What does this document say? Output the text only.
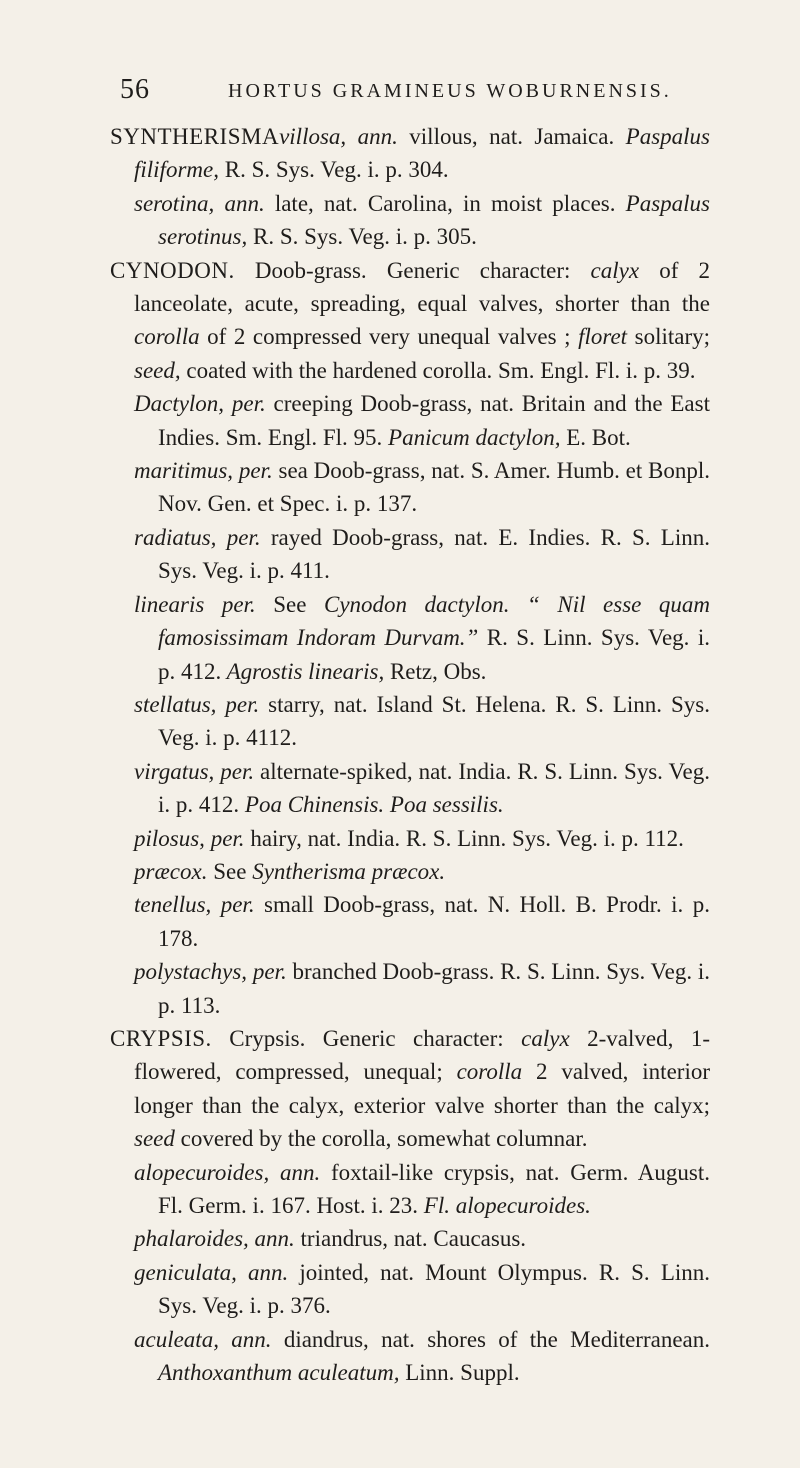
56	HORTUS GRAMINEUS WOBURNENSIS.

SYNTHERISMAvillosa, ann. villous, nat. Jamaica. Paspalus filiforme, R. S. Sys. Veg. i. p. 304.

serotina, ann. late, nat. Carolina, in moist places. Paspalus serotinus, R. S. Sys. Veg. i. p. 305.

CYNODON. Doob-grass. Generic character: calyx of 2 lanceolate, acute, spreading, equal valves, shorter than the corolla of 2 compressed very unequal valves ; floret solitary; seed, coated with the hardened corolla. Sm. Engl. Fl. i. p. 39.

Dactylon, per. creeping Doob-grass, nat. Britain and the East Indies. Sm. Engl. Fl. 95. Panicum dactylon, E. Bot.

maritimus, per. sea Doob-grass, nat. S. Amer. Humb. et Bonpl. Nov. Gen. et Spec. i. p. 137.

radiatus, per. rayed Doob-grass, nat. E. Indies. R. S. Linn. Sys. Veg. i. p. 411.

linearis per. See Cynodon dactylon. “ Nil esse quam famosissimam Indoram Durvam.” R. S. Linn. Sys. Veg. i. p. 412. Agrostis linearis, Retz, Obs.

stellatus, per. starry, nat. Island St. Helena. R. S. Linn. Sys. Veg. i. p. 4112.

virgatus, per. alternate-spiked, nat. India. R. S. Linn. Sys. Veg. i. p. 412. Poa Chinensis. Poa sessilis.

pilosus, per. hairy, nat. India. R. S. Linn. Sys. Veg. i. p. 112.

præcox. See Syntherisma præcox.

tenellus, per. small Doob-grass, nat. N. Holl. B. Prodr. i. p. 178.

polystachys, per. branched Doob-grass. R. S. Linn. Sys. Veg. i. p. 113.

CRYPSIS. Crypsis. Generic character: calyx 2-valved, 1-flowered, compressed, unequal; corolla 2 valved, interior longer than the calyx, exterior valve shorter than the calyx; seed covered by the corolla, somewhat columnar.

alopecuroides, ann. foxtail-like crypsis, nat. Germ. August. Fl. Germ. i. 167. Host. i. 23. Fl. alopecuroides.

phalaroides, ann. triandrus, nat. Caucasus.

geniculata, ann. jointed, nat. Mount Olympus. R. S. Linn. Sys. Veg. i. p. 376.

aculeata, ann. diandrus, nat. shores of the Mediterranean. Anthoxanthum aculeatum, Linn. Suppl.
